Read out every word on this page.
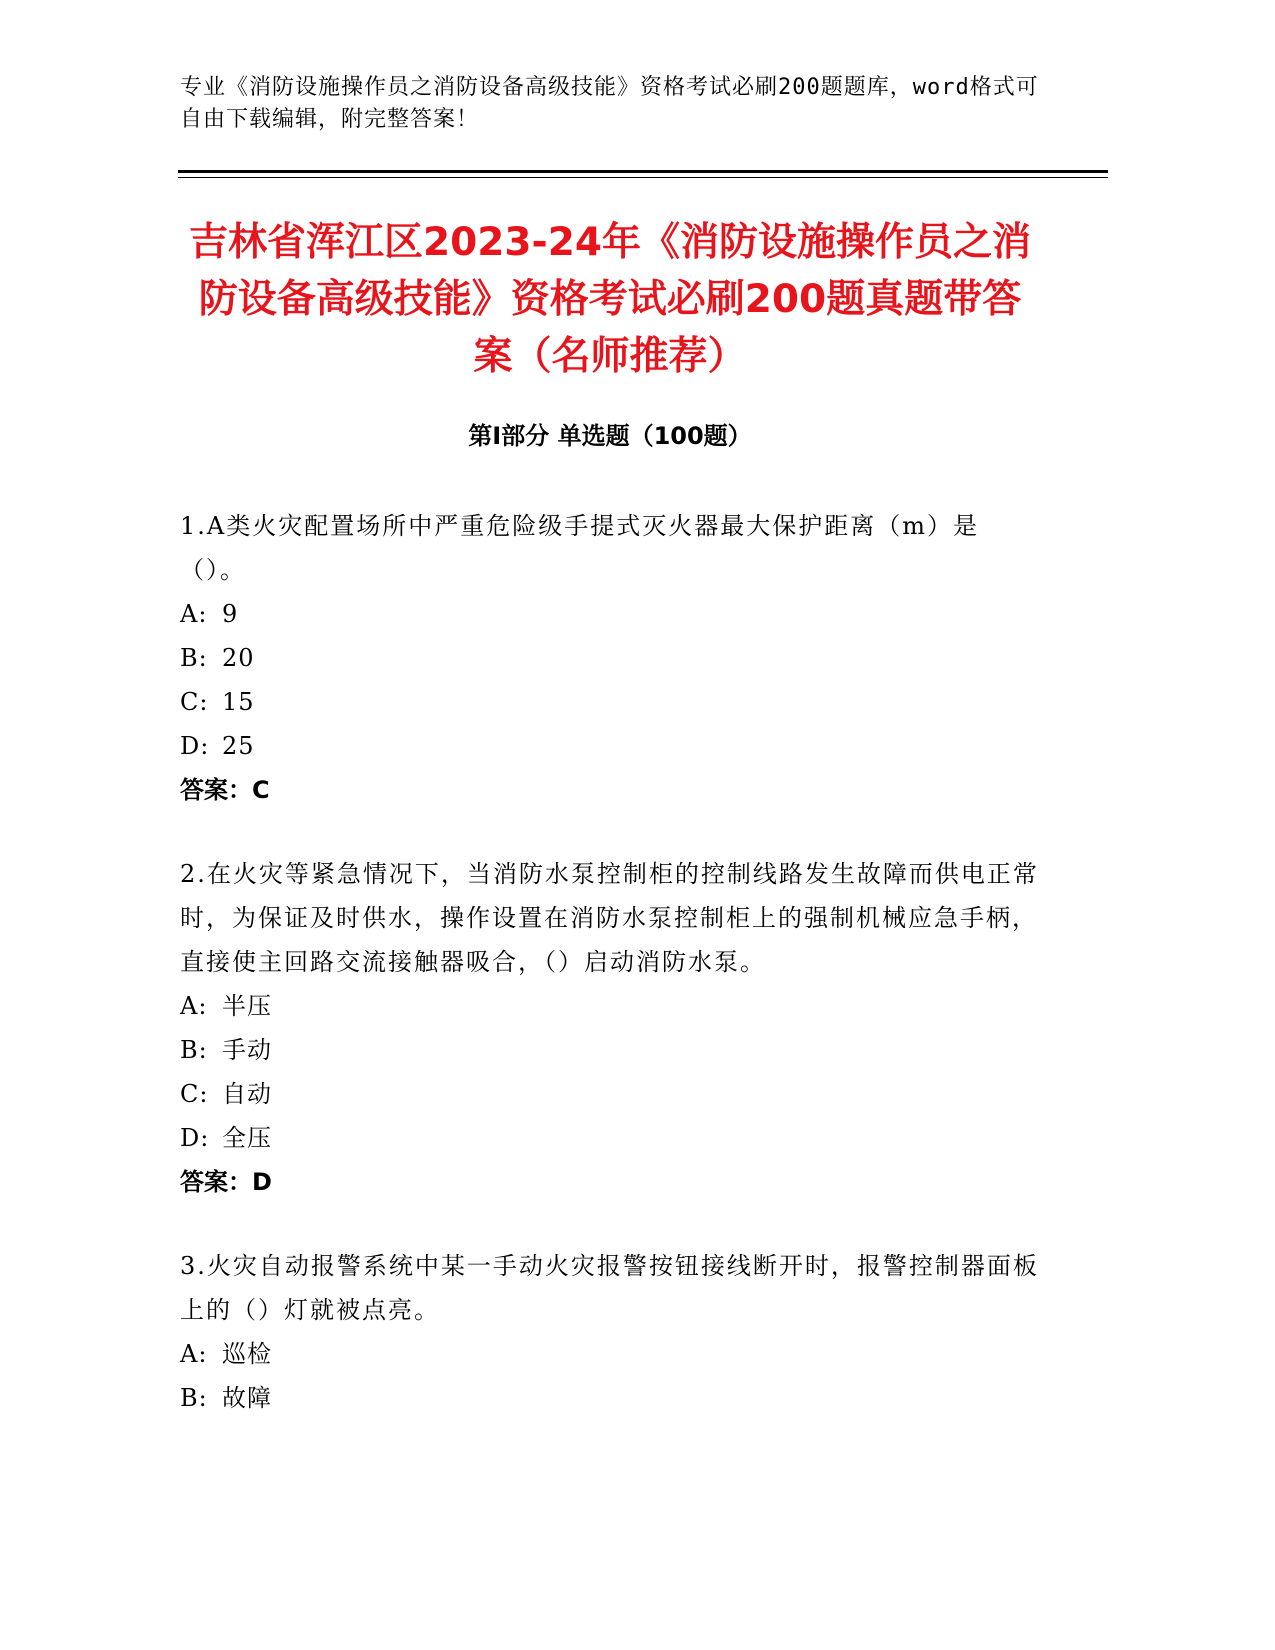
专业《消防设施操作员之消防设备高级技能》资格考试必刷200题题库，word格式可自由下载编辑，附完整答案！
吉林省浑江区2023-24年《消防设施操作员之消防设备高级技能》资格考试必刷200题真题带答案（名师推荐）
第Ⅰ部分 单选题（100题）
1.A类火灾配置场所中严重危险级手提式灭火器最大保护距离（m）是（）。
A: 9
B: 20
C: 15
D: 25
答案：C
2.在火灾等紧急情况下，当消防水泵控制柜的控制线路发生故障而供电正常时，为保证及时供水，操作设置在消防水泵控制柜上的强制机械应急手柄，直接使主回路交流接触器吸合，（）启动消防水泵。
A: 半压
B: 手动
C: 自动
D: 全压
答案：D
3.火灾自动报警系统中某一手动火灾报警按钮接线断开时，报警控制器面板上的（）灯就被点亮。
A: 巡检
B: 故障
